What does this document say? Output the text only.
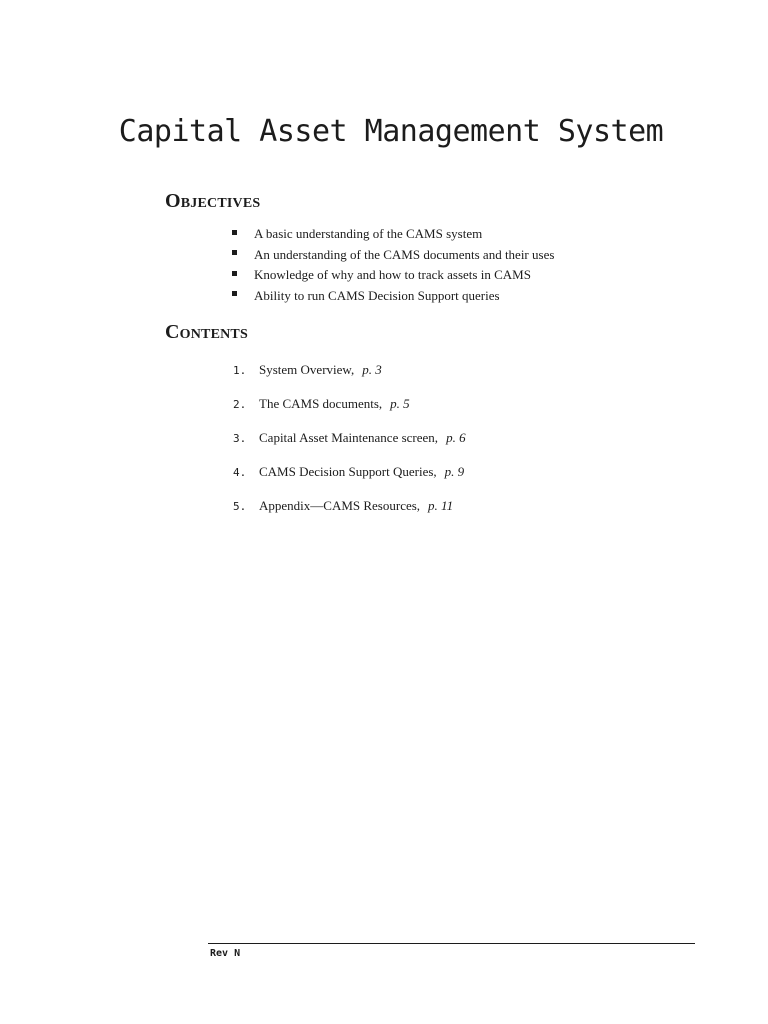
Capital Asset Management System
Objectives
A basic understanding of the CAMS system
An understanding of the CAMS documents and their uses
Knowledge of why and how to track assets in CAMS
Ability to run CAMS Decision Support queries
Contents
1. System Overview, p. 3
2. The CAMS documents, p. 5
3. Capital Asset Maintenance screen, p. 6
4. CAMS Decision Support Queries, p. 9
5. Appendix—CAMS Resources, p. 11
Rev N
